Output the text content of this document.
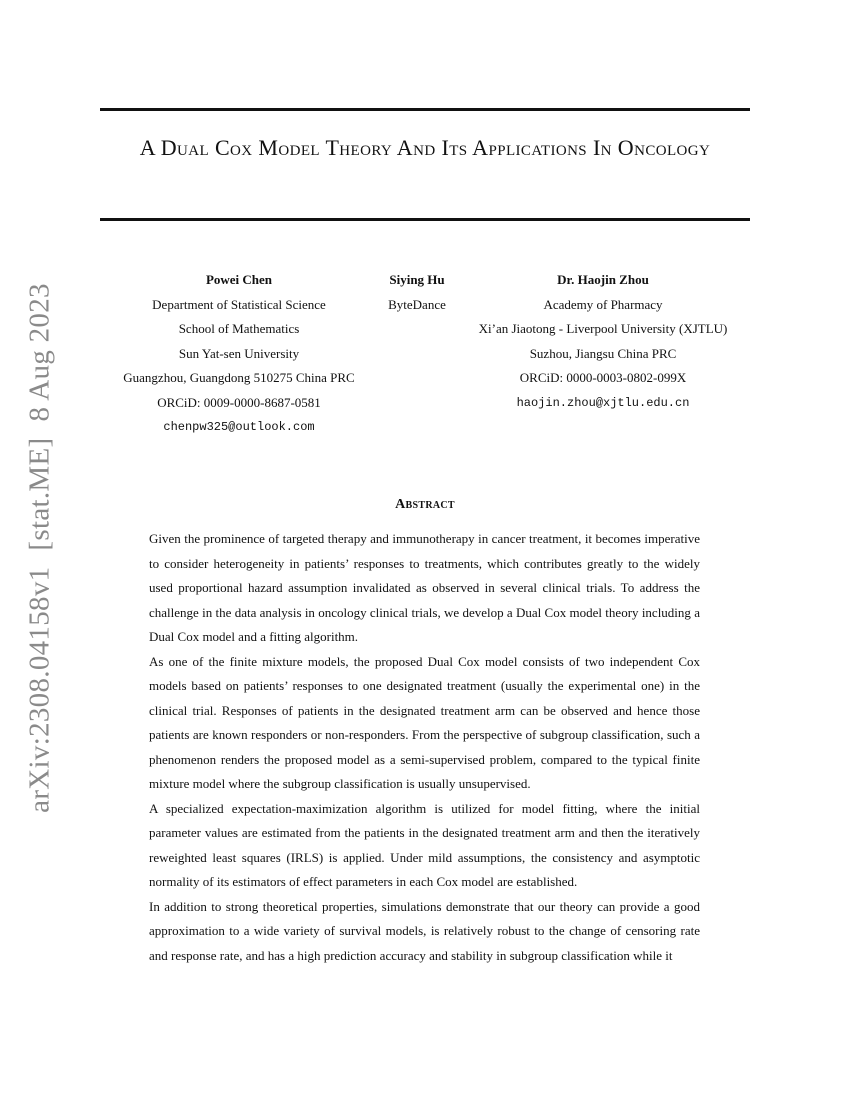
arXiv:2308.04158v1[stat.ME]8 Aug 2023
A Dual Cox Model Theory And Its Applications In Oncology
Powei Chen
Department of Statistical Science
School of Mathematics
Sun Yat-sen University
Guangzhou, Guangdong 510275 China PRC
ORCiD: 0009-0000-8687-0581
chenpw325@outlook.com
Siying Hu
ByteDance
Dr. Haojin Zhou
Academy of Pharmacy
Xi’an Jiaotong - Liverpool University (XJTLU)
Suzhou, Jiangsu China PRC
ORCiD: 0000-0003-0802-099X
haojin.zhou@xjtlu.edu.cn
Abstract

Given the prominence of targeted therapy and immunotherapy in cancer treatment, it becomes imperative to consider heterogeneity in patients’ responses to treatments, which contributes greatly to the widely used proportional hazard assumption invalidated as observed in several clinical trials. To address the challenge in the data analysis in oncology clinical trials, we develop a Dual Cox model theory including a Dual Cox model and a fitting algorithm.

As one of the finite mixture models, the proposed Dual Cox model consists of two independent Cox models based on patients’ responses to one designated treatment (usually the experimental one) in the clinical trial. Responses of patients in the designated treatment arm can be observed and hence those patients are known responders or non-responders. From the perspective of subgroup classification, such a phenomenon renders the proposed model as a semi-supervised problem, compared to the typical finite mixture model where the subgroup classification is usually unsupervised.

A specialized expectation-maximization algorithm is utilized for model fitting, where the initial parameter values are estimated from the patients in the designated treatment arm and then the iteratively reweighted least squares (IRLS) is applied. Under mild assumptions, the consistency and asymptotic normality of its estimators of effect parameters in each Cox model are established.

In addition to strong theoretical properties, simulations demonstrate that our theory can provide a good approximation to a wide variety of survival models, is relatively robust to the change of censoring rate and response rate, and has a high prediction accuracy and stability in subgroup classification while it
